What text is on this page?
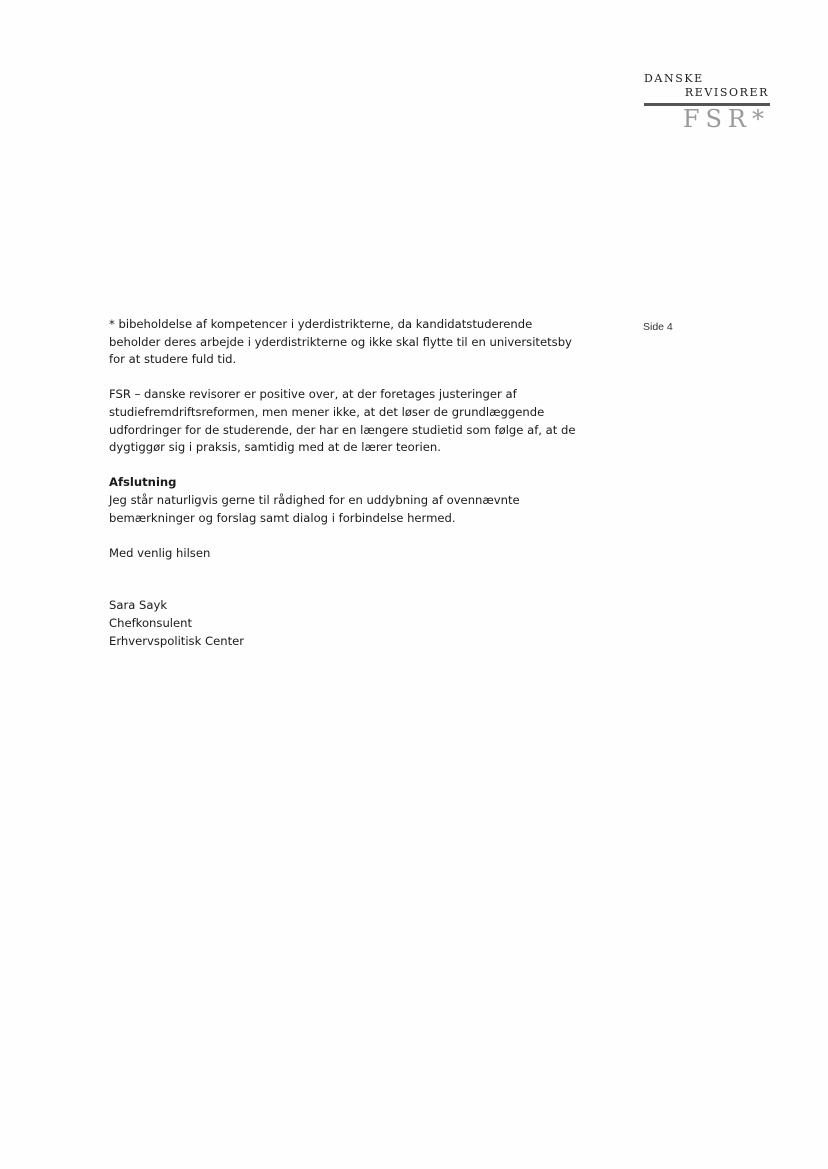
DANSKE
REVISORER
FSR*
Side 4

* bibeholdelse af kompetencer i yderdistrikterne, da kandidatstuderende

beholder deres arbejde i yderdistrikterne og ikke skal flytte til en universitetsby

for at studere fuld tid.

FSR – danske revisorer er positive over, at der foretages justeringer af

studiefremdriftsreformen, men mener ikke, at det løser de grundlæggende

udfordringer for de studerende, der har en længere studietid som følge af, at de

dygtiggør sig i praksis, samtidig med at de lærer teorien.

Afslutning

Jeg står naturligvis gerne til rådighed for en uddybning af ovennævnte

bemærkninger og forslag samt dialog i forbindelse hermed.

Med venlig hilsen

Sara Sayk

Chefkonsulent

Erhvervspolitisk Center
